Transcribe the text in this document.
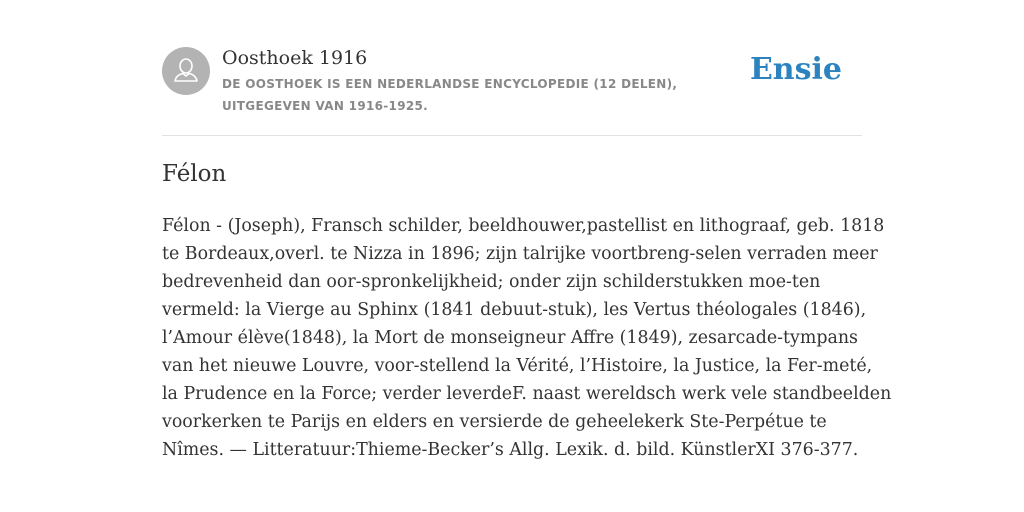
Oosthoek 1916
DE OOSTHOEK IS EEN NEDERLANDSE ENCYCLOPEDIE (12 DELEN), UITGEGEVEN VAN 1916-1925.
Ensie
Félon
Félon - (Joseph), Fransch schilder, beeldhouwer,pastellist en lithograaf, geb. 1818
te Bordeaux,overl. te Nizza in 1896; zijn talrijke voortbreng-selen verraden meer
bedrevenheid dan oor-spronkelijkheid; onder zijn schilderstukken moe-ten
vermeld: la Vierge au Sphinx (1841 debuut-stuk), les Vertus théologales (1846),
l’Amour élève(1848), la Mort de monseigneur Affre (1849), zesarcade-tympans
van het nieuwe Louvre, voor-stellend la Vérité, l’Histoire, la Justice, la Fer-meté,
la Prudence en la Force; verder leverdeF. naast wereldsch werk vele standbeelden
voorkerken te Parijs en elders en versierde de geheelekerk Ste-Perpétue te
Nîmes. — Litteratuur:Thieme-Becker’s Allg. Lexik. d. bild. KünstlerXI 376-377.
